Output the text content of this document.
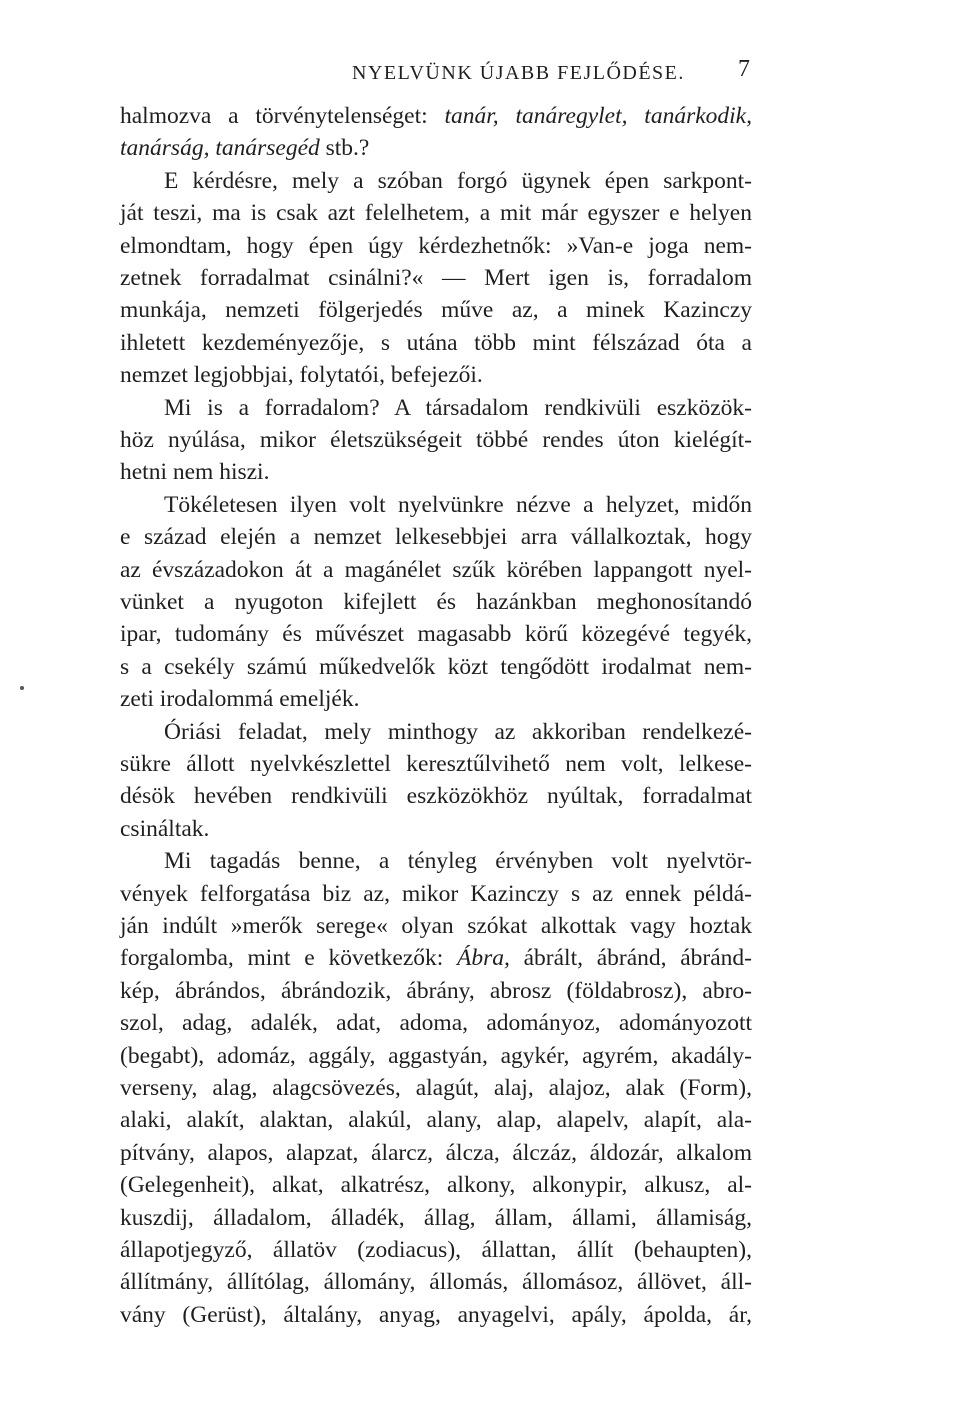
NYELVÜNK ÚJABB FEJLŐDÉSE. 7
halmozva a törvénytelenséget: tanár, tanáregylet, tanárkodik,
tanárság, tanársegéd stb.?
E kérdésre, mely a szóban forgó ügynek épen sarkpont-
ját teszi, ma is csak azt felelhetem, a mit már egyszer e helyen
elmondtam, hogy épen úgy kérdezhetnők: »Van-e joga nem-
zetnek forradalmat csinálni?« — Mert igen is, forradalom
munkája, nemzeti fölgerjedés műve az, a minek Kazinczy
ihletett kezdeményezője, s utána több mint félszázad óta a
nemzet legjobbjai, folytatói, befejezői.
Mi is a forradalom? A társadalom rendkivüli eszközök-
höz nyúlása, mikor életszükségeit többé rendes úton kielégít-
hetni nem hiszi.
Tökéletesen ilyen volt nyelvünkre nézve a helyzet, midőn
e század elején a nemzet lelkesebbjei arra vállalkoztak, hogy
az évszázadokon át a magánélet szűk körében lappangott nyel-
vünket a nyugoton kifejlett és hazánkban meghonosítandó
ipar, tudomány és művészet magasabb körű közegévé tegyék,
s a csekély számú műkedvelők közt tengődött irodalmat nem-
zeti irodalommá emeljék.
Óriási feladat, mely minthogy az akkoriban rendelkezé-
sükre állott nyelvkészlettel keresztűlvihető nem volt, lelkese-
désök hevében rendkivüli eszközökhöz nyúltak, forradalmat
csináltak.
Mi tagadás benne, a tényleg érvényben volt nyelvtör-
vények felforgatása biz az, mikor Kazinczy s az ennek példá-
ján indúlt »merők serege« olyan szókat alkottak vagy hoztak
forgalomba, mint e következők: Ábra, ábrált, ábránd, ábránd-
kép, ábrándos, ábrándozik, ábrány, abrosz (földabrosz), abro-
szol, adag, adalék, adat, adoma, adományoz, adományozott
(begabt), adomáz, aggály, aggastyán, agykér, agyrém, akadály-
verseny, alag, alagcsövezés, alagút, alaj, alajoz, alak (Form),
alaki, alakít, alaktan, alakúl, alany, alap, alapelv, alapít, ala-
pítvány, alapos, alapzat, álarcz, álcza, álczáz, áldozár, alkalom
(Gelegenheit), alkat, alkatrész, alkony, alkonypir, alkusz, al-
kuszdij, álladalom, álladék, állag, állam, állami, államiság,
állapotjegyző, állatöv (zodiacus), állattan, állít (behaupten),
állítmány, állítólag, állomány, állomás, állomásoz, állövet, áll-
vány (Gerüst), általány, anyag, anyagelvi, apály, ápolda, ár,
